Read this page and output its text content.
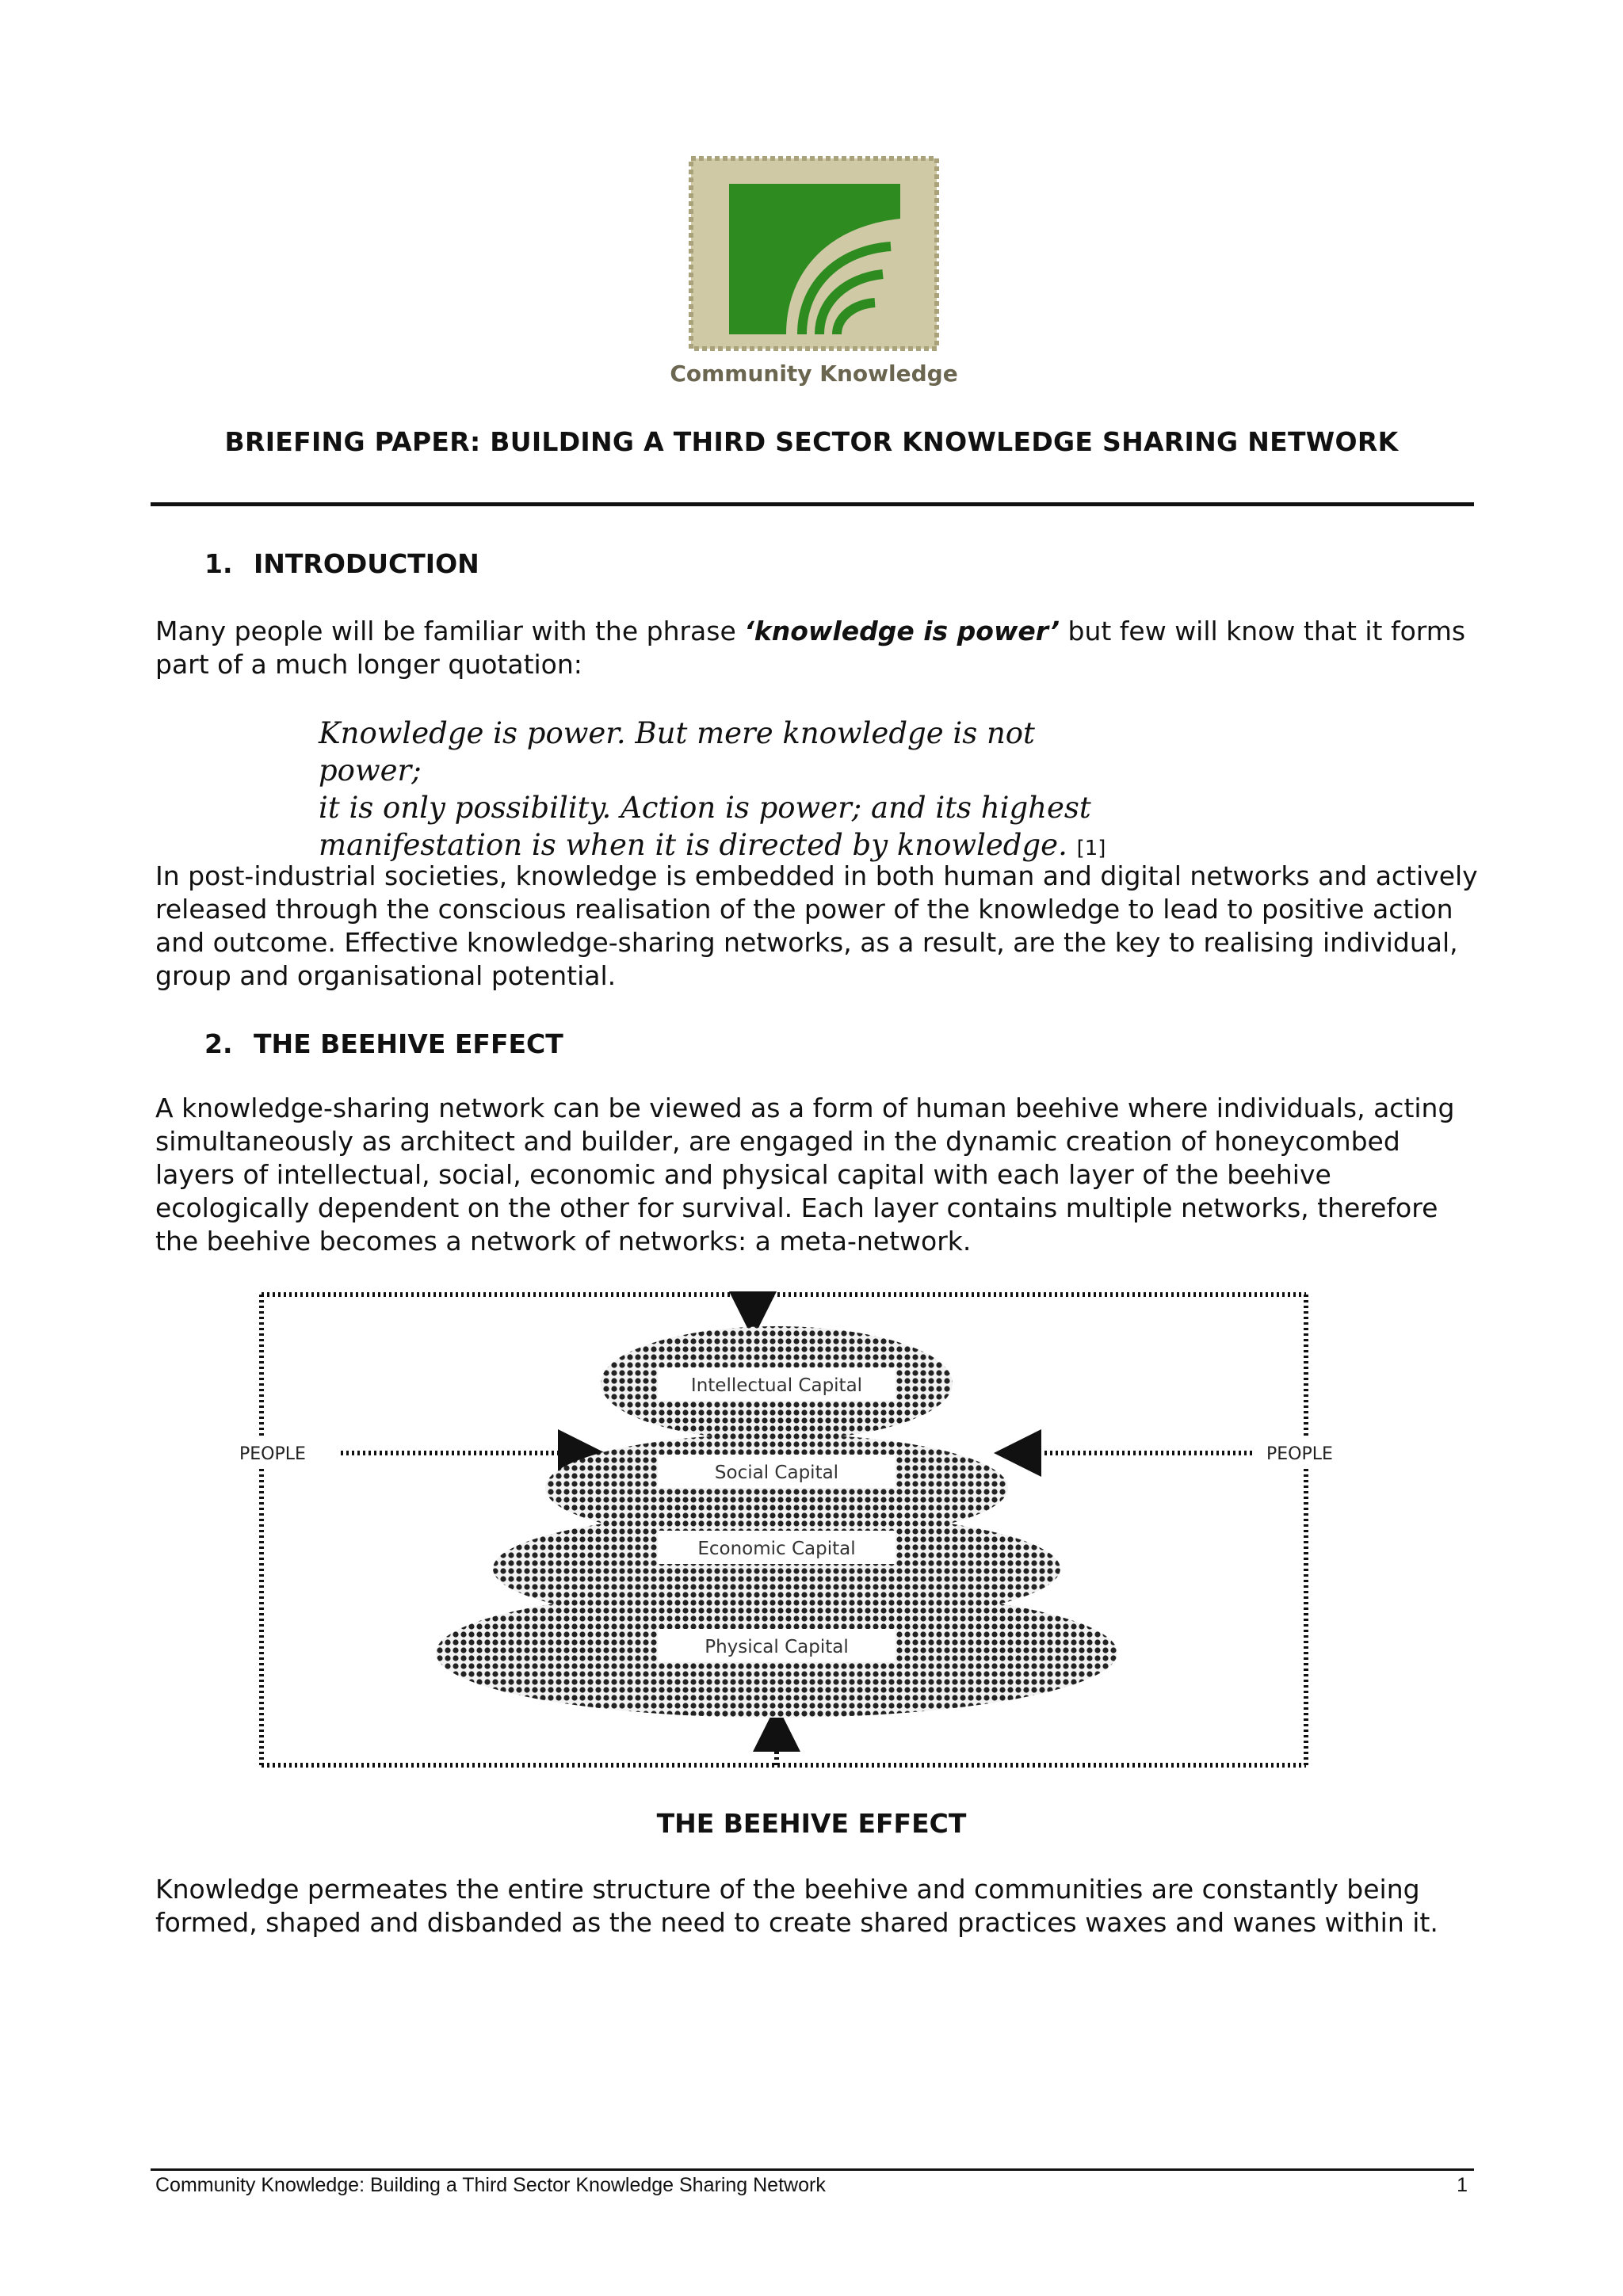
Community Knowledge
BRIEFING PAPER: BUILDING A THIRD SECTOR KNOWLEDGE SHARING NETWORK
1. INTRODUCTION
Many people will be familiar with the phrase ‘knowledge is power’ but few will know that it forms part of a much longer quotation:
Knowledge is power. But mere knowledge is not power;
it is only possibility. Action is power; and its highest
manifestation is when it is directed by knowledge. [1]
In post-industrial societies, knowledge is embedded in both human and digital networks and actively released through the conscious realisation of the power of the knowledge to lead to positive action and outcome. Effective knowledge-sharing networks, as a result, are the key to realising individual, group and organisational potential.
2. THE BEEHIVE EFFECT
A knowledge-sharing network can be viewed as a form of human beehive where individuals, acting simultaneously as architect and builder, are engaged in the dynamic creation of honeycombed layers of intellectual, social, economic and physical capital with each layer of the beehive ecologically dependent on the other for survival. Each layer contains multiple networks, therefore the beehive becomes a network of networks: a meta-network.
Intellectual Capital
Social Capital
Economic Capital
Physical Capital
PEOPLE	PEOPLE
THE BEEHIVE EFFECT
Knowledge permeates the entire structure of the beehive and communities are constantly being formed, shaped and disbanded as the need to create shared practices waxes and wanes within it.
Community Knowledge: Building a Third Sector Knowledge Sharing Network	1
